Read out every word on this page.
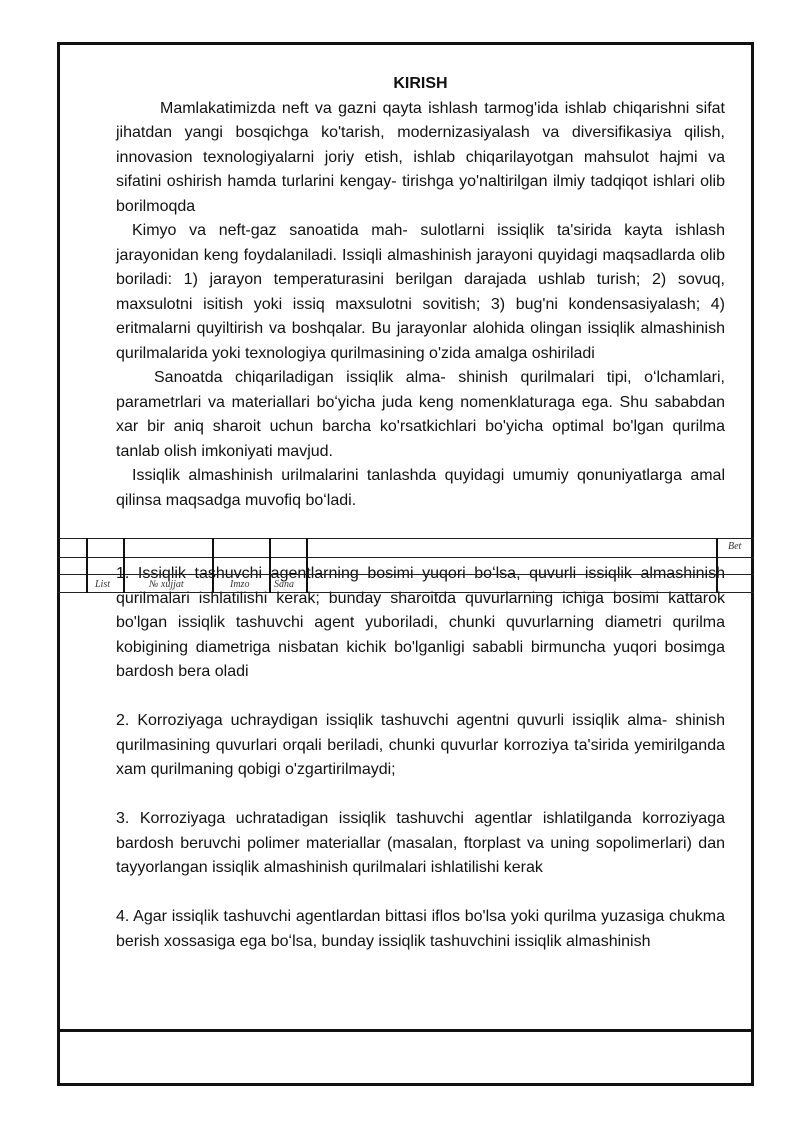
KIRISH

Mamlakatimizda neft va gazni qayta ishlash tarmog'ida ishlab chiqarishni sifat jihatdan yangi bosqichga ko'tarish, modernizasiyalash va diversifikasiya qilish, innovasion texnologiyalarni joriy etish, ishlab chiqarilayotgan mahsulot hajmi va sifatini oshirish hamda turlarini kengay- tirishga yo'naltirilgan ilmiy tadqiqot ishlari olib borilmoqda

Kimyo va neft-gaz sanoatida mah- sulotlarni issiqlik ta'sirida kayta ishlash jarayonidan keng foydalaniladi. Issiqli almashinish jarayoni quyidagi maqsadlarda olib boriladi: 1) jarayon temperaturasini berilgan darajada ushlab turish; 2) sovuq, maxsulotni isitish yoki issiq maxsulotni sovitish; 3) bug'ni kondensasiyalash; 4) eritmalarni quyiltirish va boshqalar. Bu jarayonlar alohida olingan issiqlik almashinish qurilmalarida yoki texnologiya qurilmasining o'zida amalga oshiriladi

Sanoatda chiqariladigan issiqlik alma- shinish qurilmalari tipi, oʻlchamlari, parametrlari va materiallari boʻyicha juda keng nomenklaturaga ega. Shu sababdan xar bir aniq sharoit uchun barcha ko'rsatkichlari bo'yicha optimal bo'lgan qurilma tanlab olish imkoniyati mavjud.

Issiqlik almashinish urilmalarini tanlashda quyidagi umumiy qonuniyatlarga amal qilinsa maqsadga muvofiq boʻladi.

1. Issiqlik tashuvchi agentlarning bosimi yuqori boʻlsa, quvurli issiqlik almashinish qurilmalari ishlatilishi kerak; bunday sharoitda quvurlarning ichiga bosimi kattarok bo'lgan issiqlik tashuvchi agent yuboriladi, chunki quvurlarning diametri qurilma kobigining diametriga nisbatan kichik bo'lganligi sababli birmuncha yuqori bosimga bardosh bera oladi

2. Korroziyaga uchraydigan issiqlik tashuvchi agentni quvurli issiqlik alma- shinish qurilmasining quvurlari orqali beriladi, chunki quvurlar korroziya ta'sirida yemirilganda xam qurilmaning qobigi o'zgartirilmaydi;

3. Korroziyaga uchratadigan issiqlik tashuvchi agentlar ishlatilganda korroziyaga bardosh beruvchi polimer materiallar (masalan, ftorplast va uning sopolimerlari) dan tayyorlangan issiqlik almashinish qurilmalari ishlatilishi kerak

4. Agar issiqlik tashuvchi agentlardan bittasi iflos bo'lsa yoki qurilma yuzasiga chukma berish xossasiga ega boʻlsa, bunday issiqlik tashuvchini issiqlik almashinish

List	№ xujjat	Imzo Sana
Bet
